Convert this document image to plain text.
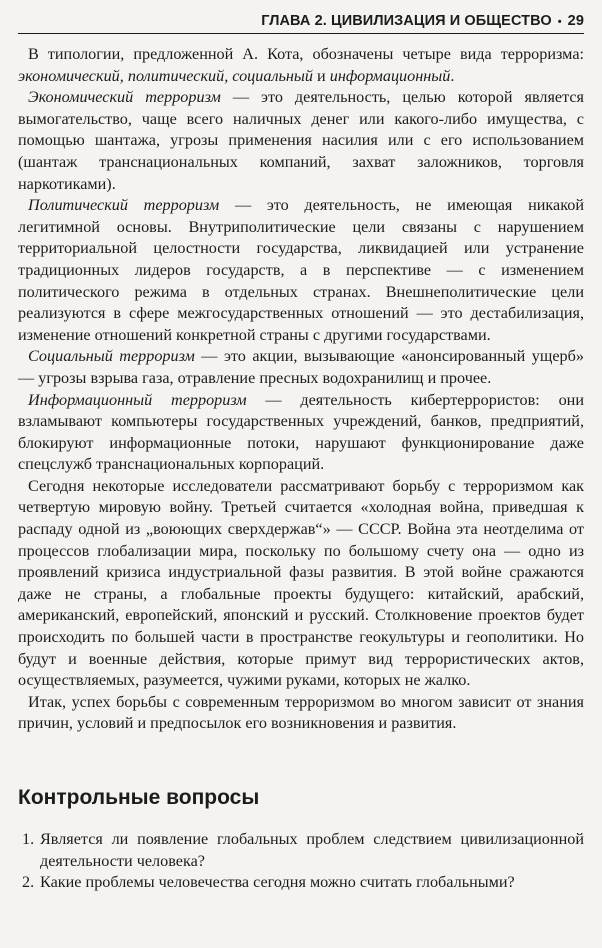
ГЛАВА 2. ЦИВИЛИЗАЦИЯ И ОБЩЕСТВО • 29

В типологии, предложенной А. Кота, обозначены четыре вида терроризма: экономический, политический, социальный и информационный.

Экономический терроризм — это деятельность, целью которой является вымогательство, чаще всего наличных денег или какого-либо имущества, с помощью шантажа, угрозы применения насилия или с его использованием (шантаж транснациональных компаний, захват заложников, торговля наркотиками).

Политический терроризм — это деятельность, не имеющая никакой легитимной основы. Внутриполитические цели связаны с нарушением территориальной целостности государства, ликвидацией или устранение традиционных лидеров государств, а в перспективе — с изменением политического режима в отдельных странах. Внешнеполитические цели реализуются в сфере межгосударственных отношений — это дестабилизация, изменение отношений конкретной страны с другими государствами.

Социальный терроризм — это акции, вызывающие «анонсированный ущерб» — угрозы взрыва газа, отравление пресных водохранилищ и прочее.

Информационный терроризм — деятельность кибертеррористов: они взламывают компьютеры государственных учреждений, банков, предприятий, блокируют информационные потоки, нарушают функционирование даже спецслужб транснациональных корпораций.

Сегодня некоторые исследователи рассматривают борьбу с терроризмом как четвертую мировую войну. Третьей считается «холодная война, приведшая к распаду одной из „воюющих сверхдержав“» — СССР. Война эта неотделима от процессов глобализации мира, поскольку по большому счету она — одно из проявлений кризиса индустриальной фазы развития. В этой войне сражаются даже не страны, а глобальные проекты будущего: китайский, арабский, американский, европейский, японский и русский. Столкновение проектов будет происходить по большей части в пространстве геокультуры и геополитики. Но будут и военные действия, которые примут вид террористических актов, осуществляемых, разумеется, чужими руками, которых не жалко.

Итак, успех борьбы с современным терроризмом во многом зависит от знания причин, условий и предпосылок его возникновения и развития.

Контрольные вопросы
1. Является ли появление глобальных проблем следствием цивилизационной деятельности человека?
2. Какие проблемы человечества сегодня можно считать глобальными?
